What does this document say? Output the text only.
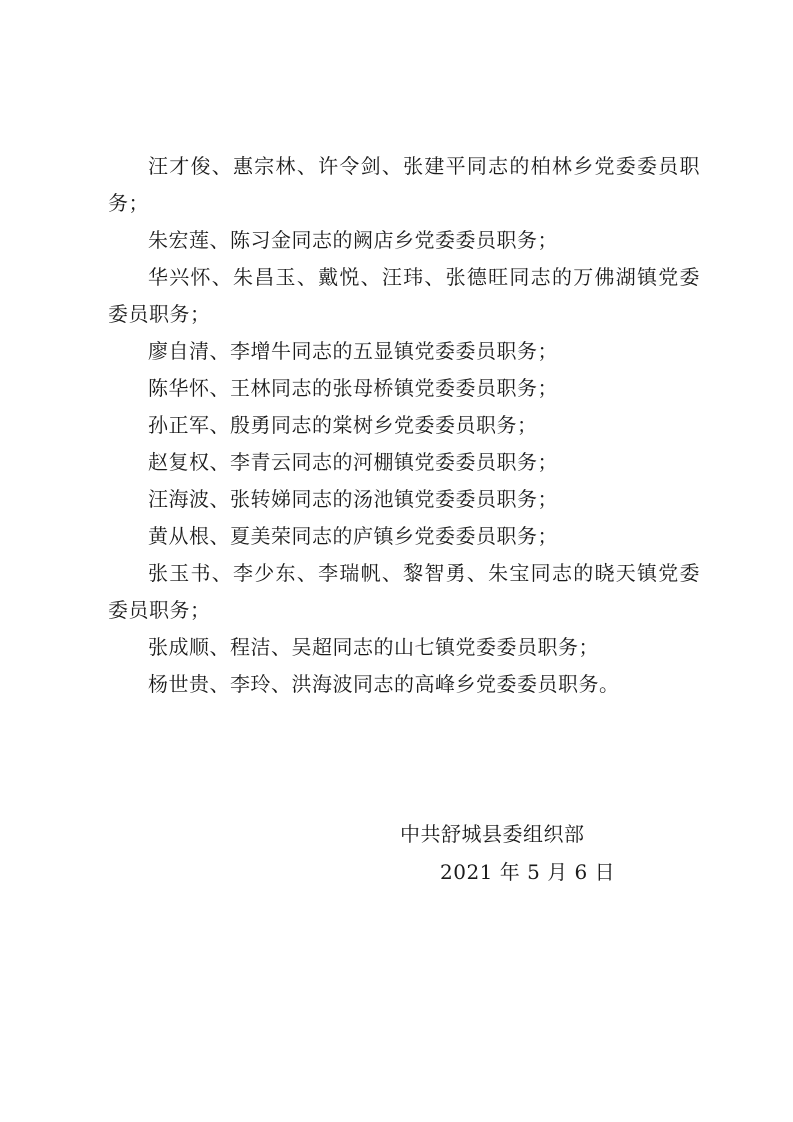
汪才俊、惠宗林、许令剑、张建平同志的柏林乡党委委员职务；

朱宏莲、陈习金同志的阙店乡党委委员职务；

华兴怀、朱昌玉、戴悦、汪玮、张德旺同志的万佛湖镇党委委员职务；

廖自清、李增牛同志的五显镇党委委员职务；

陈华怀、王林同志的张母桥镇党委委员职务；

孙正军、殷勇同志的棠树乡党委委员职务；

赵复权、李青云同志的河棚镇党委委员职务；

汪海波、张转娣同志的汤池镇党委委员职务；

黄从根、夏美荣同志的庐镇乡党委委员职务；

张玉书、李少东、李瑞帆、黎智勇、朱宝同志的晓天镇党委委员职务；

张成顺、程洁、吴超同志的山七镇党委委员职务；

杨世贵、李玲、洪海波同志的高峰乡党委委员职务。

中共舒城县委组织部
2021 年 5 月 6 日
